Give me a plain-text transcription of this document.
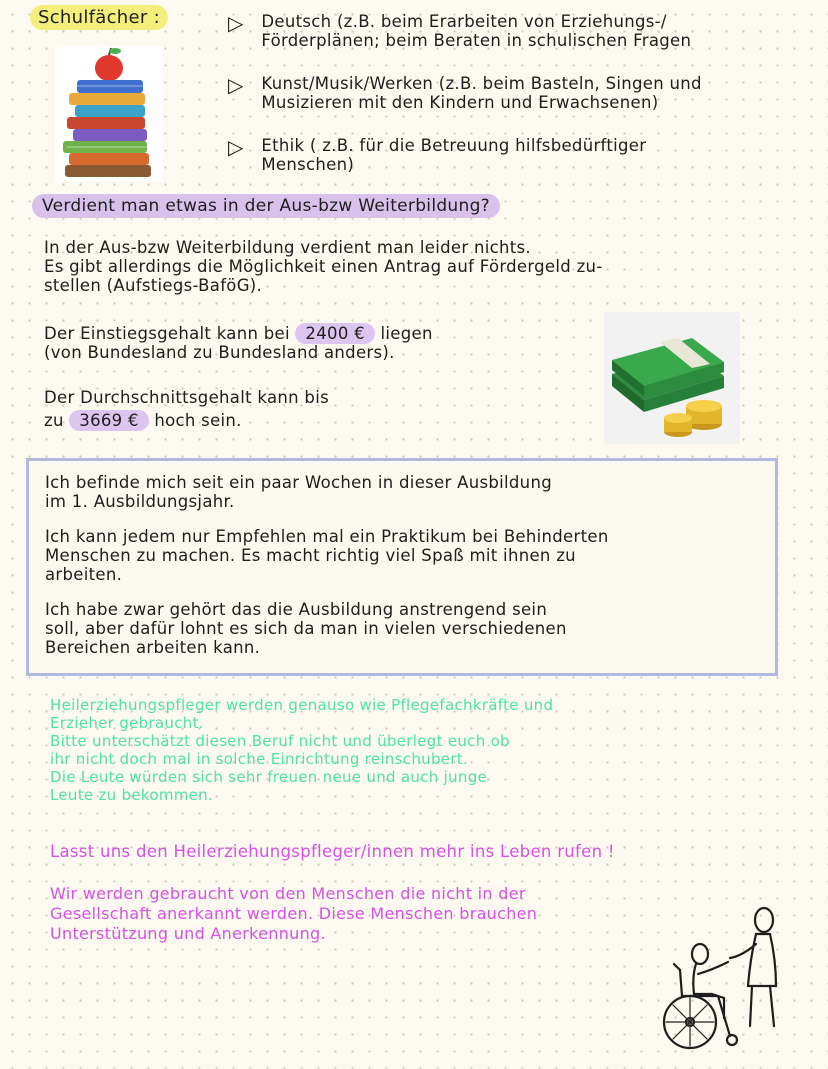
Schulfächer :	▷ Deutsch (z.B. beim Erarbeiten von Erziehungs-/
Förderplänen; beim Beraten in schulischen Fragen
▷ Kunst/Musik/Werken (z.B. beim Basteln, Singen und
Musizieren mit den Kindern und Erwachsenen)
▷ Ethik ( z.B. für die Betreuung hilfsbedürftiger
Menschen)
Verdient man etwas in der Aus-bzw Weiterbildung?
In der Aus-bzw Weiterbildung verdient man leider nichts.
Es gibt allerdings die Möglichkeit einen Antrag auf Fördergeld zu-
stellen (Aufstiegs-BaföG).
Der Einstiegsgehalt kann bei 2400 € liegen
(von Bundesland zu Bundesland anders).
Der Durchschnittsgehalt kann bis
zu 3669 € hoch sein.
Ich befinde mich seit ein paar Wochen in dieser Ausbildung
im 1. Ausbildungsjahr.
Ich kann jedem nur Empfehlen mal ein Praktikum bei Behinderten
Menschen zu machen. Es macht richtig viel Spaß mit ihnen zu
arbeiten.
Ich habe zwar gehört das die Ausbildung anstrengend sein
soll, aber dafür lohnt es sich da man in vielen verschiedenen
Bereichen arbeiten kann.
Heilerziehungspfleger werden genauso wie Pflegefachkräfte und
Erzieher gebraucht.
Bitte unterschätzt diesen Beruf nicht und überlegt euch ob
ihr nicht doch mal in solche Einrichtung reinschubert.
Die Leute würden sich sehr freuen neue und auch junge
Leute zu bekommen.
Lasst uns den Heilerziehungspfleger/innen mehr ins Leben rufen !
Wir werden gebraucht von den Menschen die nicht in der
Gesellschaft anerkannt werden. Diese Menschen brauchen
Unterstützung und Anerkennung.
